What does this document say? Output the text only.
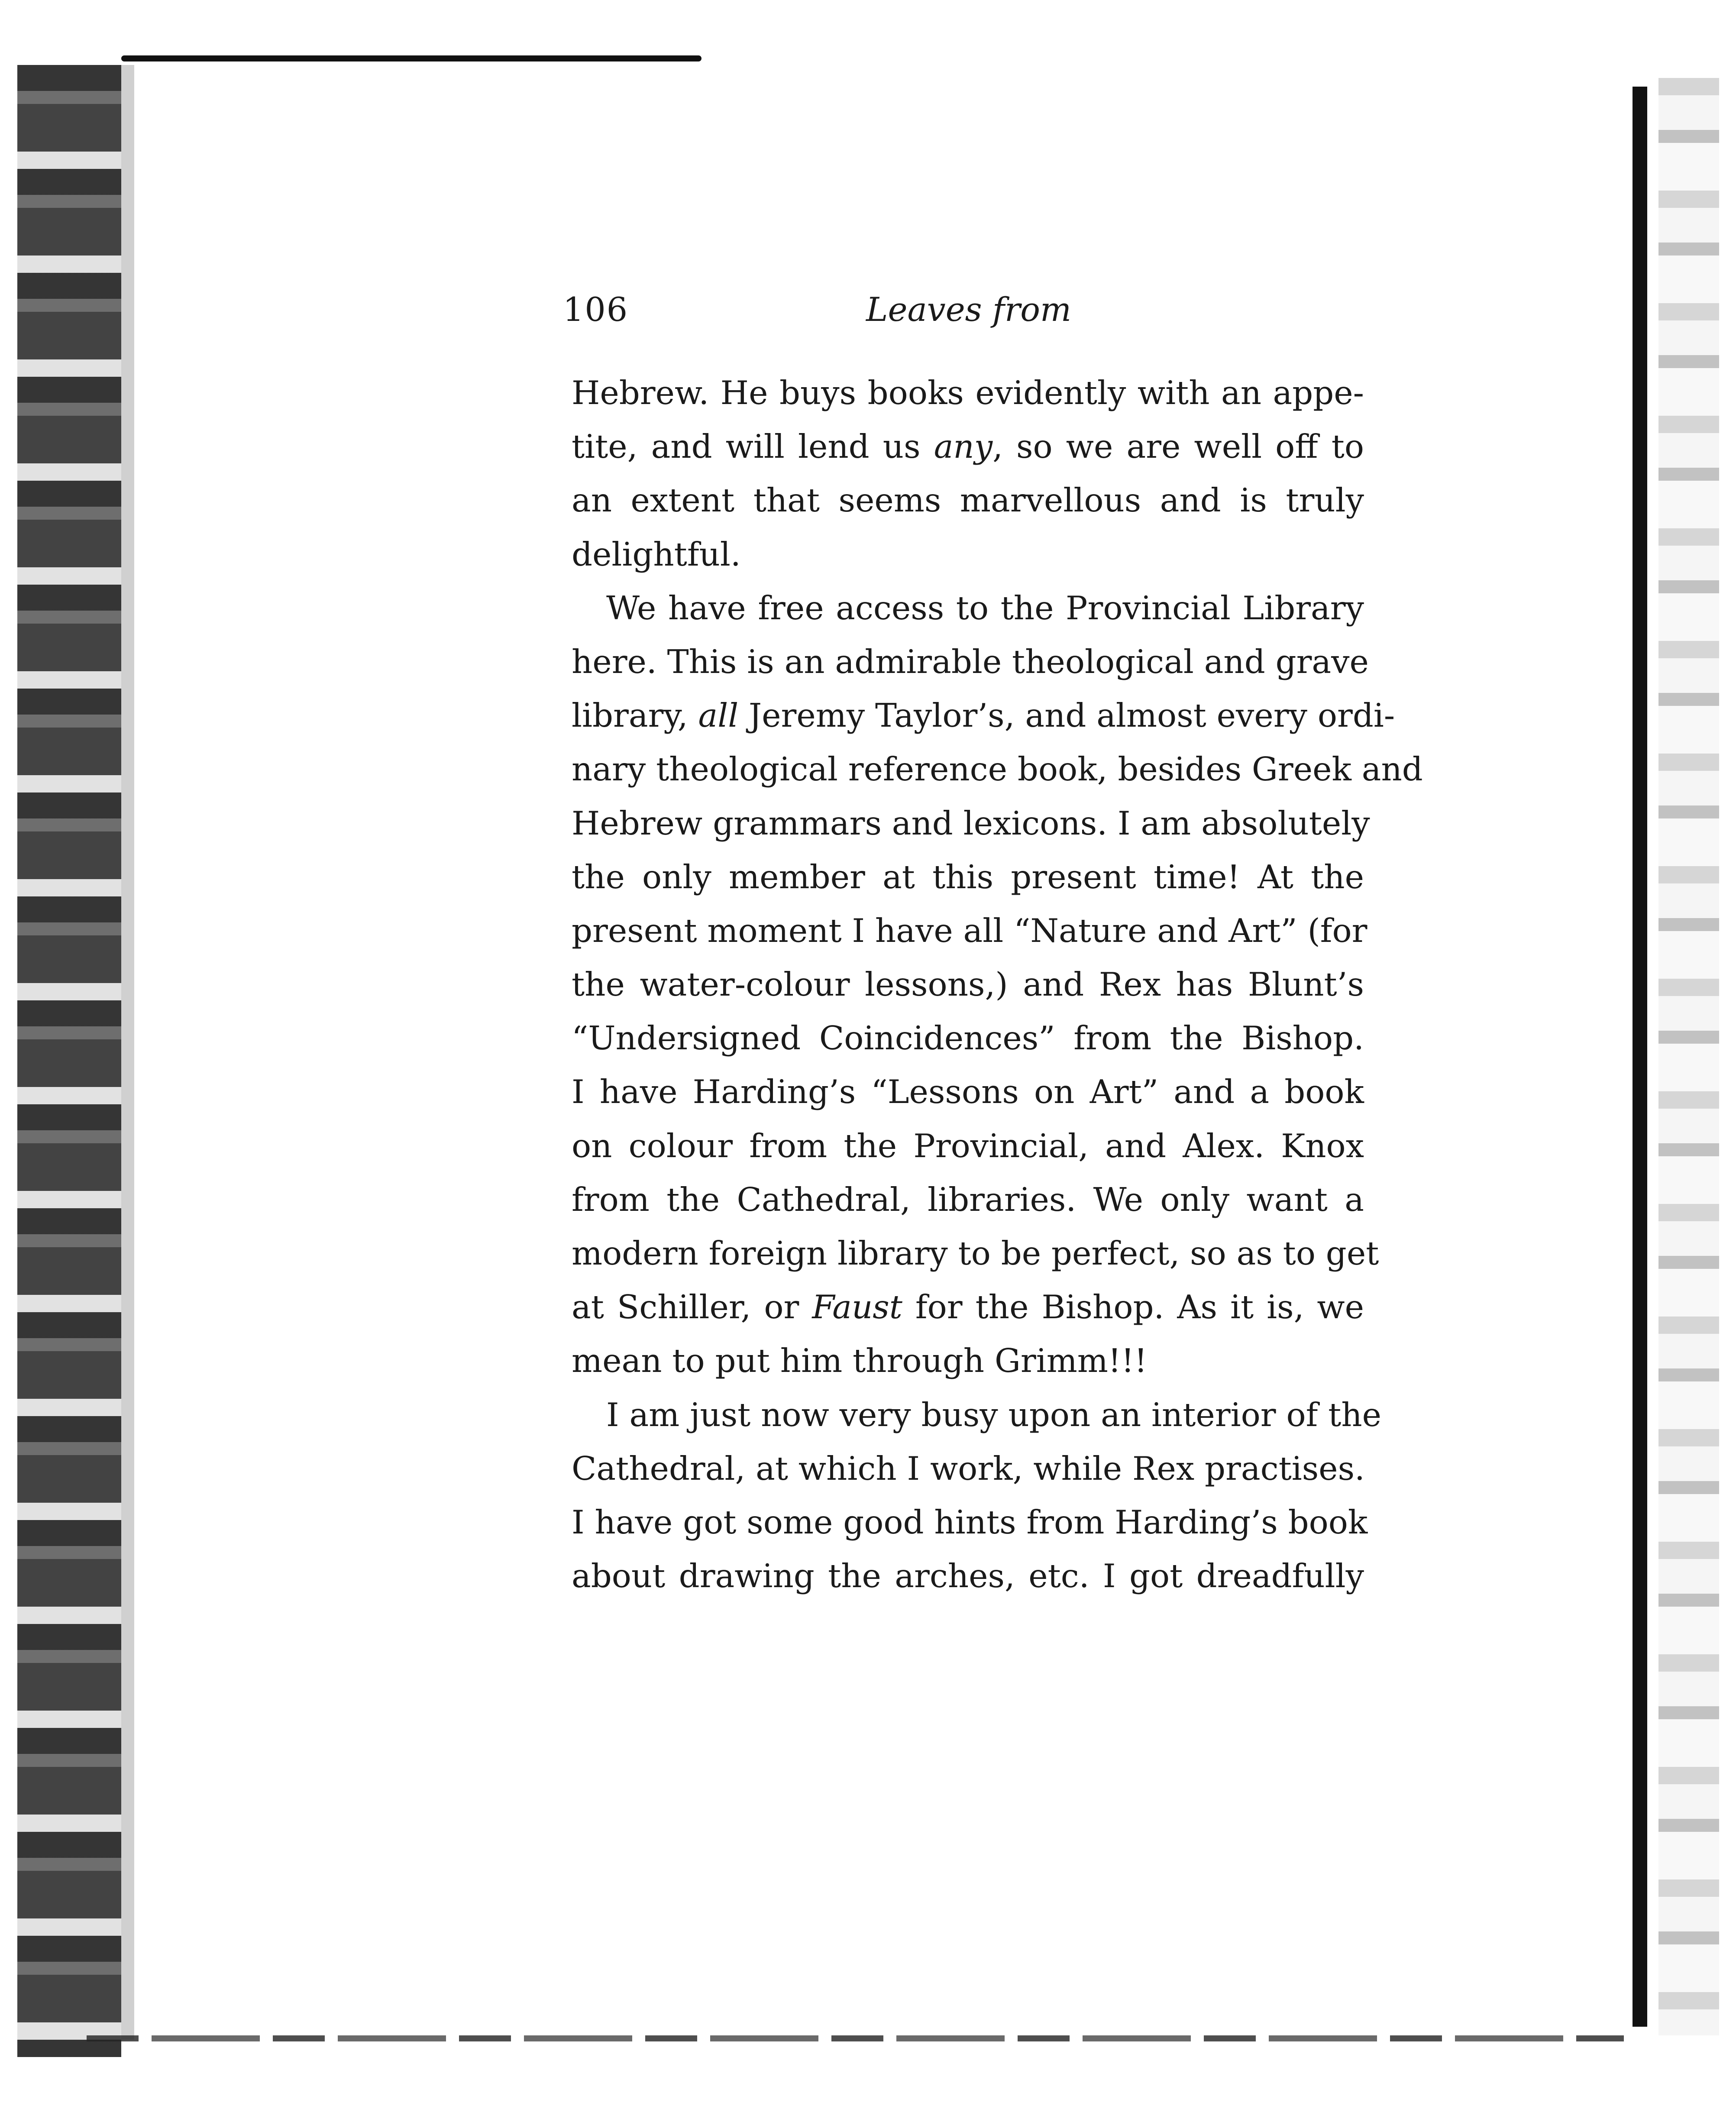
106	Leaves from
Hebrew. He buys books evidently with an appe-
tite, and will lend us any, so we are well off to
an extent that seems marvellous and is truly
delightful.
We have free access to the Provincial Library
here. This is an admirable theological and grave
library, all Jeremy Taylor’s, and almost every ordi-
nary theological reference book, besides Greek and
Hebrew grammars and lexicons. I am absolutely
the only member at this present time! At the
present moment I have all “Nature and Art” (for
the water-colour lessons,) and Rex has Blunt’s
“Undersigned Coincidences” from the Bishop.
I have Harding’s “Lessons on Art” and a book
on colour from the Provincial, and Alex. Knox
from the Cathedral, libraries. We only want a
modern foreign library to be perfect, so as to get
at Schiller, or Faust for the Bishop. As it is, we
mean to put him through Grimm!!!
I am just now very busy upon an interior of the
Cathedral, at which I work, while Rex practises.
I have got some good hints from Harding’s book
about drawing the arches, etc. I got dreadfully
